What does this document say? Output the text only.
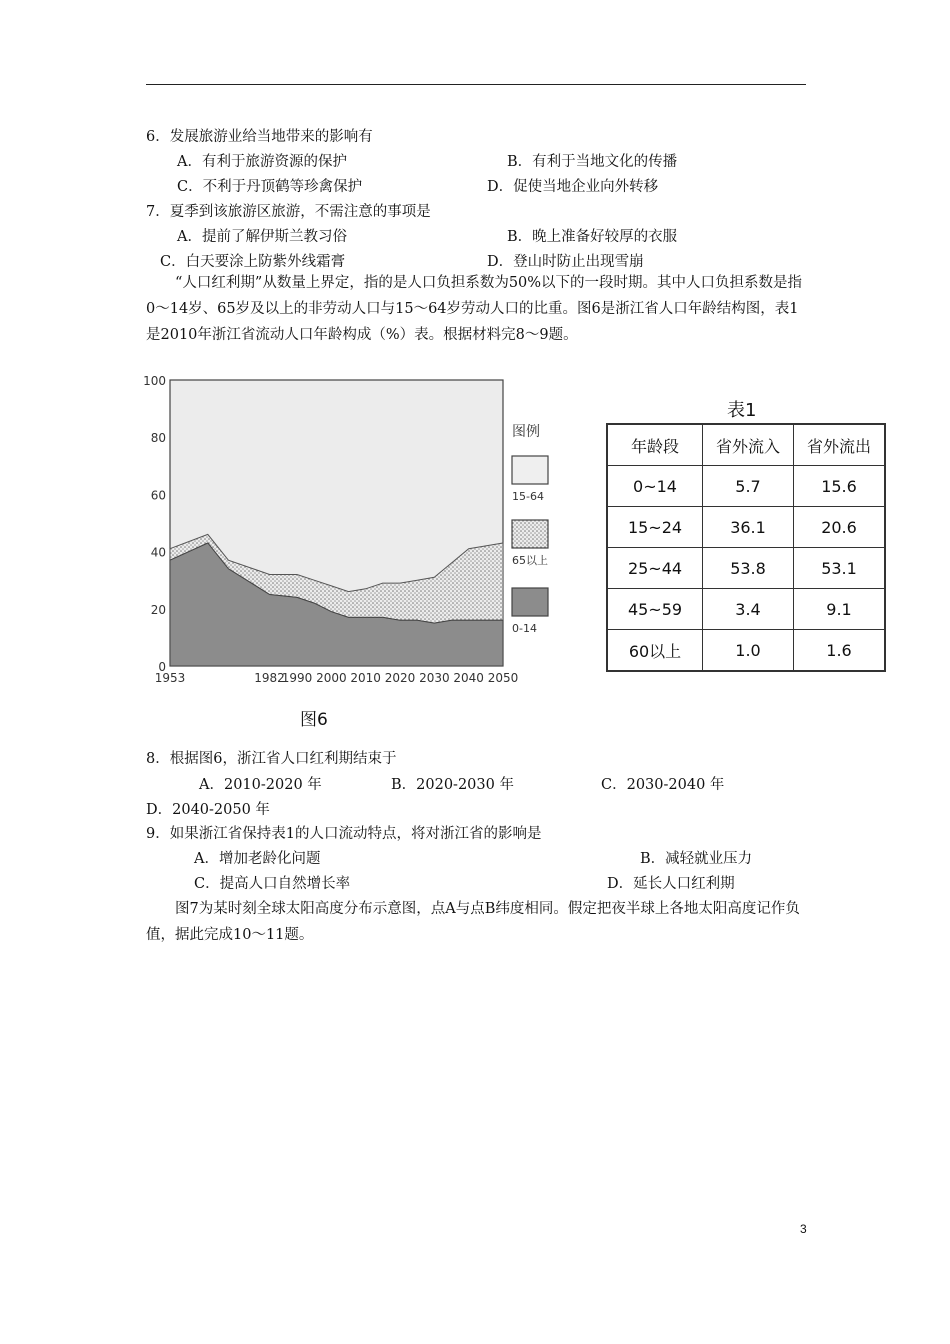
6．发展旅游业给当地带来的影响有
A．有利于旅游资源的保护	B．有利于当地文化的传播
C．不利于丹顶鹤等珍禽保护	D．促使当地企业向外转移
7．夏季到该旅游区旅游，不需注意的事项是
A．提前了解伊斯兰教习俗	B．晚上准备好较厚的衣服
C．白天要涂上防紫外线霜膏	D．登山时防止出现雪崩
“人口红利期”从数量上界定，指的是人口负担系数为50%以下的一段时期。其中人口负担系数是指0～14岁、65岁及以上的非劳动人口与15～64岁劳动人口的比重。图6是浙江省人口年龄结构图，表1是2010年浙江省流动人口年龄构成（%）表。根据材料完8～9题。
100
80
60
40
20
0
1953	1982
1990 2000 2010 2020 2030 2040 2050
图例
15-64
65以上
0-14
图6
表1
年龄段	省外流入	省外流出
0~14	5.7	15.6
15~24	36.1	20.6
25~44	53.8	53.1
45~59	3.4	9.1
60以上	1.0	1.6
8．根据图6，浙江省人口红利期结束于
A．2010-2020 年	B．2020-2030 年	C．2030-2040 年
D．2040-2050 年
9．如果浙江省保持表1的人口流动特点，将对浙江省的影响是
A．增加老龄化问题	B．减轻就业压力
C．提高人口自然增长率	D．延长人口红利期
图7为某时刻全球太阳高度分布示意图，点A与点B纬度相同。假定把夜半球上各地太阳高度记作负值，据此完成10～11题。
3
